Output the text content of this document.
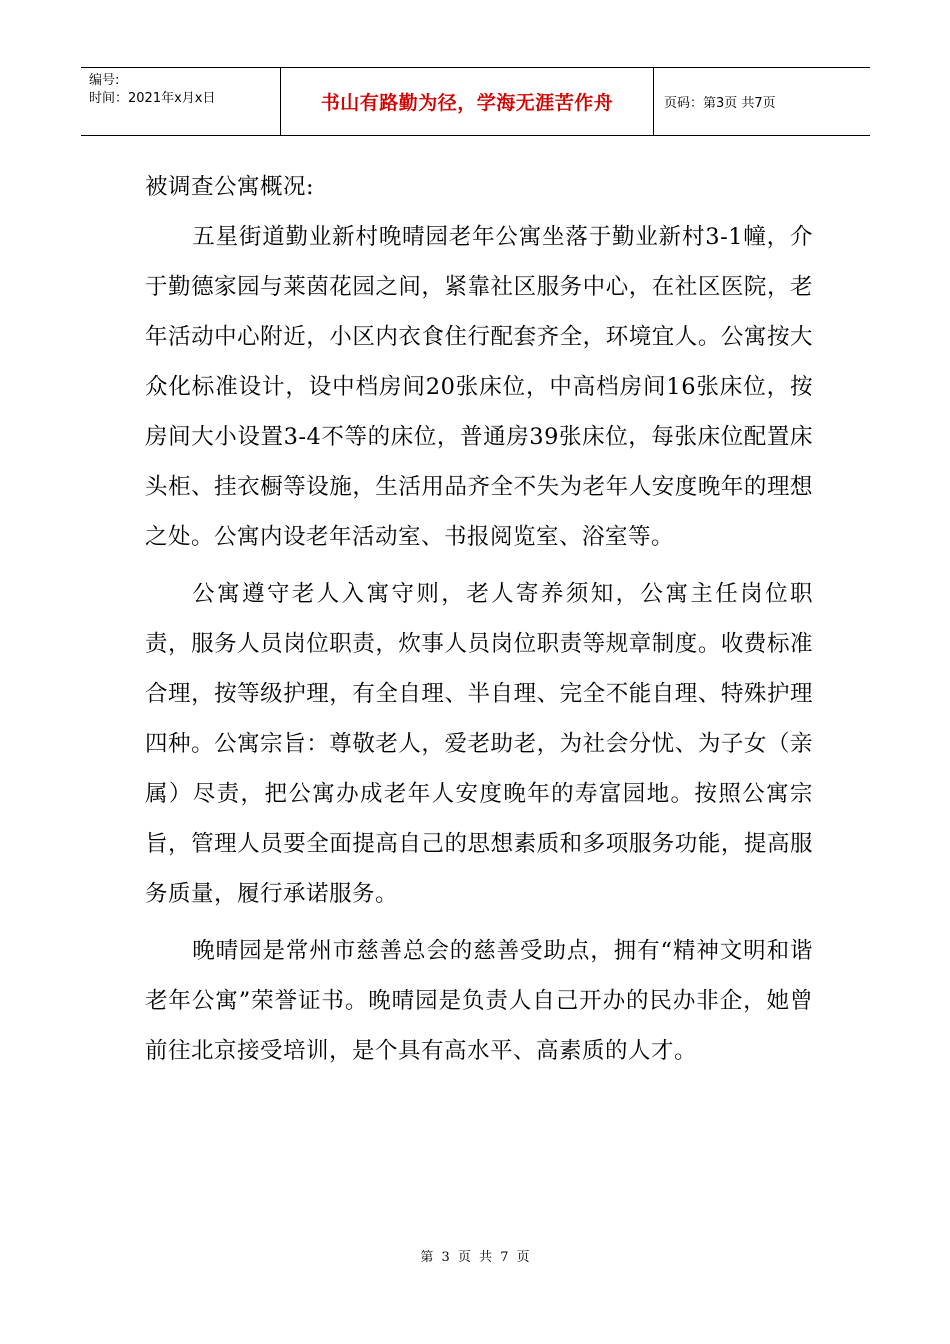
编号:
时间：2021年x月x日	书山有路勤为径，学海无涯苦作舟	页码：第3页 共7页

被调查公寓概况:

五星街道勤业新村晚晴园老年公寓坐落于勤业新村3-1幢，介于勤德家园与莱茵花园之间，紧靠社区服务中心，在社区医院，老年活动中心附近，小区内衣食住行配套齐全，环境宜人。公寓按大众化标准设计，设中档房间20张床位，中高档房间16张床位，按房间大小设置3-4不等的床位，普通房39张床位，每张床位配置床头柜、挂衣橱等设施，生活用品齐全不失为老年人安度晚年的理想之处。公寓内设老年活动室、书报阅览室、浴室等。

公寓遵守老人入寓守则，老人寄养须知，公寓主任岗位职责，服务人员岗位职责，炊事人员岗位职责等规章制度。收费标准合理，按等级护理，有全自理、半自理、完全不能自理、特殊护理四种。公寓宗旨：尊敬老人，爱老助老，为社会分忧、为子女（亲属）尽责，把公寓办成老年人安度晚年的寿富园地。按照公寓宗旨，管理人员要全面提高自己的思想素质和多项服务功能，提高服务质量，履行承诺服务。

晚晴园是常州市慈善总会的慈善受助点，拥有“精神文明和谐老年公寓”荣誉证书。晚晴园是负责人自己开办的民办非企，她曾前往北京接受培训，是个具有高水平、高素质的人才。

第 3 页 共 7 页
